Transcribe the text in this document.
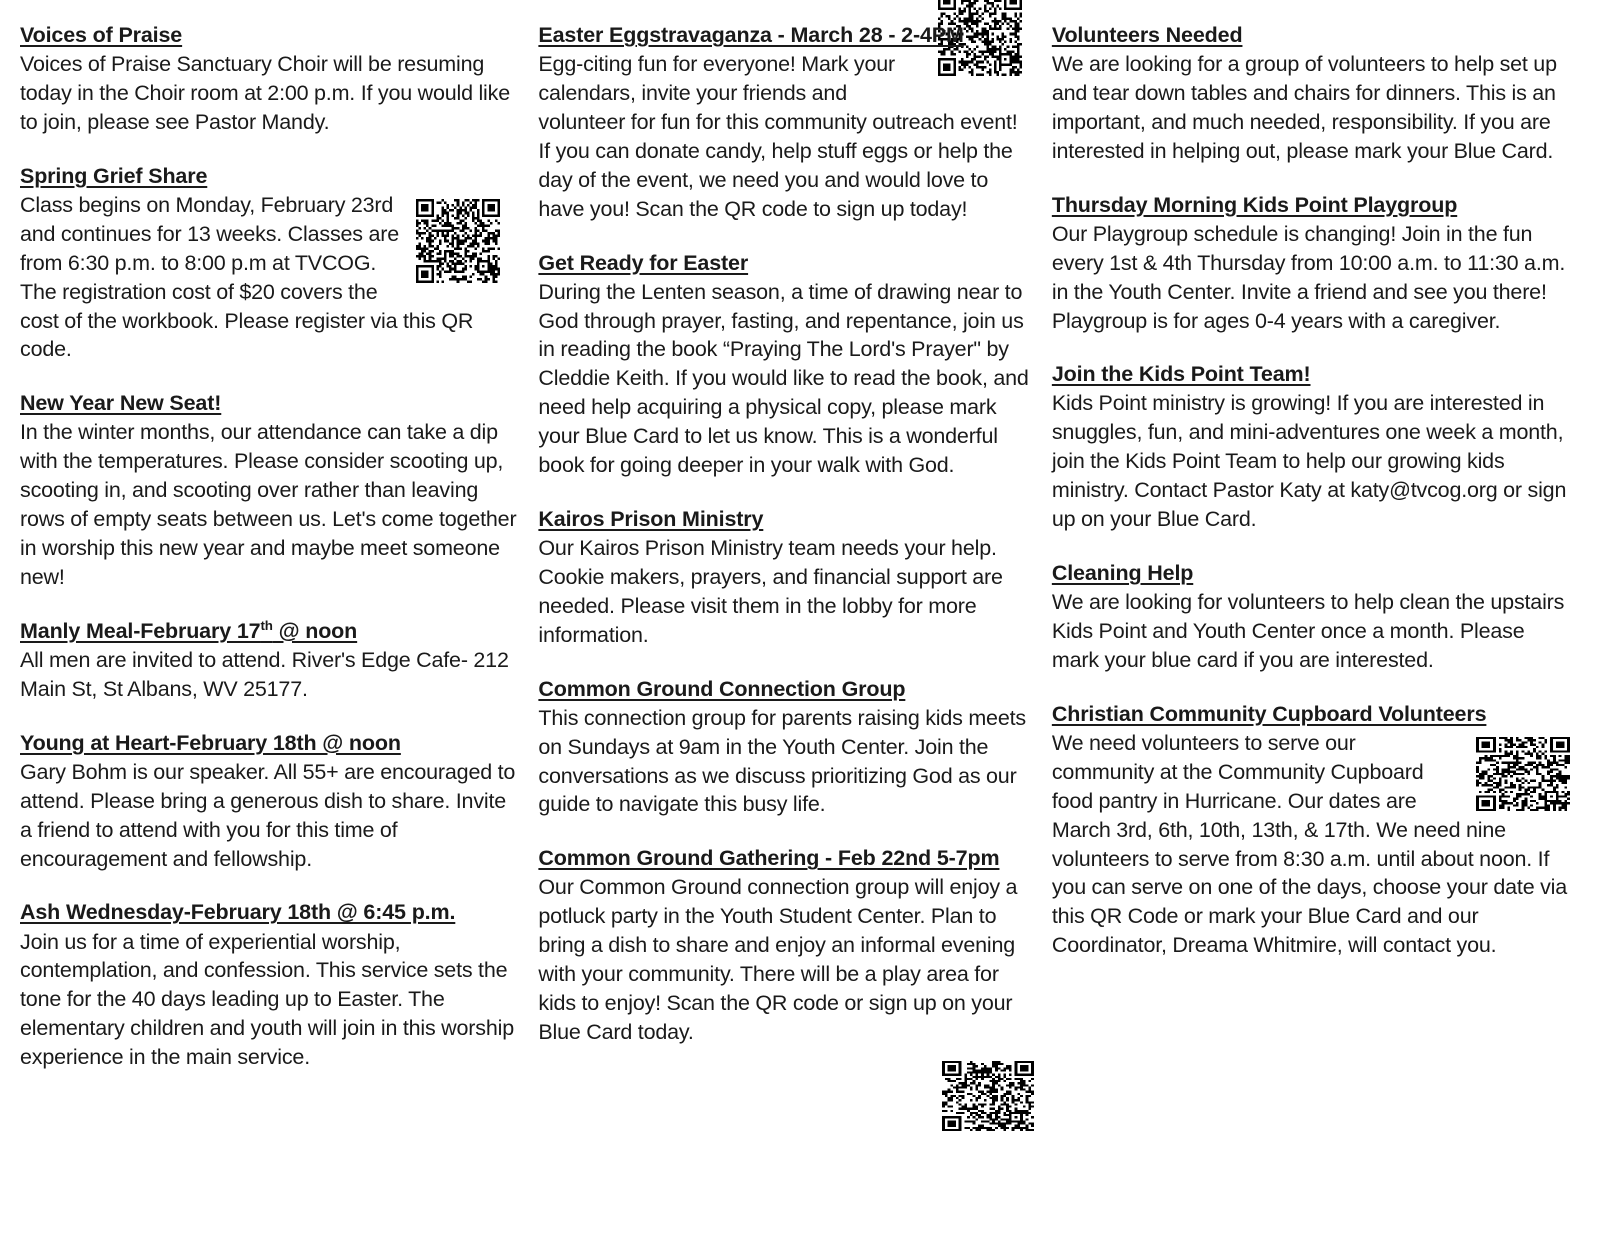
Voices of Praise

Voices of Praise Sanctuary Choir will be resuming today in the Choir room at 2:00 p.m. If you would like to join, please see Pastor Mandy.

Spring Grief Share

Class begins on Monday, February 23rd and continues for 13 weeks. Classes are from 6:30 p.m. to 8:00 p.m at TVCOG. The registration cost of $20 covers the cost of the workbook. Please register via this QR code.

New Year New Seat!

In the winter months, our attendance can take a dip with the temperatures. Please consider scooting up, scooting in, and scooting over rather than leaving rows of empty seats between us. Let's come together in worship this new year and maybe meet someone new!

Manly Meal-February 17th @ noon

All men are invited to attend. River's Edge Cafe- 212 Main St, St Albans, WV 25177.

Young at Heart-February 18th @ noon

Gary Bohm is our speaker. All 55+ are encouraged to attend. Please bring a generous dish to share. Invite a friend to attend with you for this time of encouragement and fellowship.

Ash Wednesday-February 18th @ 6:45 p.m.

Join us for a time of experiential worship, contemplation, and confession. This service sets the tone for the 40 days leading up to Easter. The elementary children and youth will join in this worship experience in the main service.

Easter Eggstravaganza - March 28 - 2-4PM

Egg-citing fun for everyone! Mark your calendars, invite your friends and volunteer for fun for this community outreach event! If you can donate candy, help stuff eggs or help the day of the event, we need you and would love to have you! Scan the QR code to sign up today!

Get Ready for Easter

During the Lenten season, a time of drawing near to God through prayer, fasting, and repentance, join us in reading the book “Praying The Lord's Prayer" by Cleddie Keith. If you would like to read the book, and need help acquiring a physical copy, please mark your Blue Card to let us know. This is a wonderful book for going deeper in your walk with God.

Kairos Prison Ministry

Our Kairos Prison Ministry team needs your help. Cookie makers, prayers, and financial support are needed. Please visit them in the lobby for more information.

Common Ground Connection Group

This connection group for parents raising kids meets on Sundays at 9am in the Youth Center. Join the conversations as we discuss prioritizing God as our guide to navigate this busy life.

Common Ground Gathering - Feb 22nd 5-7pm

Our Common Ground connection group will enjoy a potluck party in the Youth Student Center. Plan to bring a dish to share and enjoy an informal evening with your community. There will be a play area for kids to enjoy! Scan the QR code or sign up on your Blue Card today.

Volunteers Needed

We are looking for a group of volunteers to help set up and tear down tables and chairs for dinners. This is an important, and much needed, responsibility. If you are interested in helping out, please mark your Blue Card.

Thursday Morning Kids Point Playgroup

Our Playgroup schedule is changing! Join in the fun every 1st & 4th Thursday from 10:00 a.m. to 11:30 a.m. in the Youth Center. Invite a friend and see you there! Playgroup is for ages 0-4 years with a caregiver.

Join the Kids Point Team!

Kids Point ministry is growing! If you are interested in snuggles, fun, and mini-adventures one week a month, join the Kids Point Team to help our growing kids ministry. Contact Pastor Katy at katy@tvcog.org or sign up on your Blue Card.

Cleaning Help

We are looking for volunteers to help clean the upstairs Kids Point and Youth Center once a month. Please mark your blue card if you are interested.

Christian Community Cupboard Volunteers

We need volunteers to serve our community at the Community Cupboard food pantry in Hurricane. Our dates are March 3rd, 6th, 10th, 13th, & 17th. We need nine volunteers to serve from 8:30 a.m. until about noon. If you can serve on one of the days, choose your date via this QR Code or mark your Blue Card and our Coordinator, Dreama Whitmire, will contact you.
